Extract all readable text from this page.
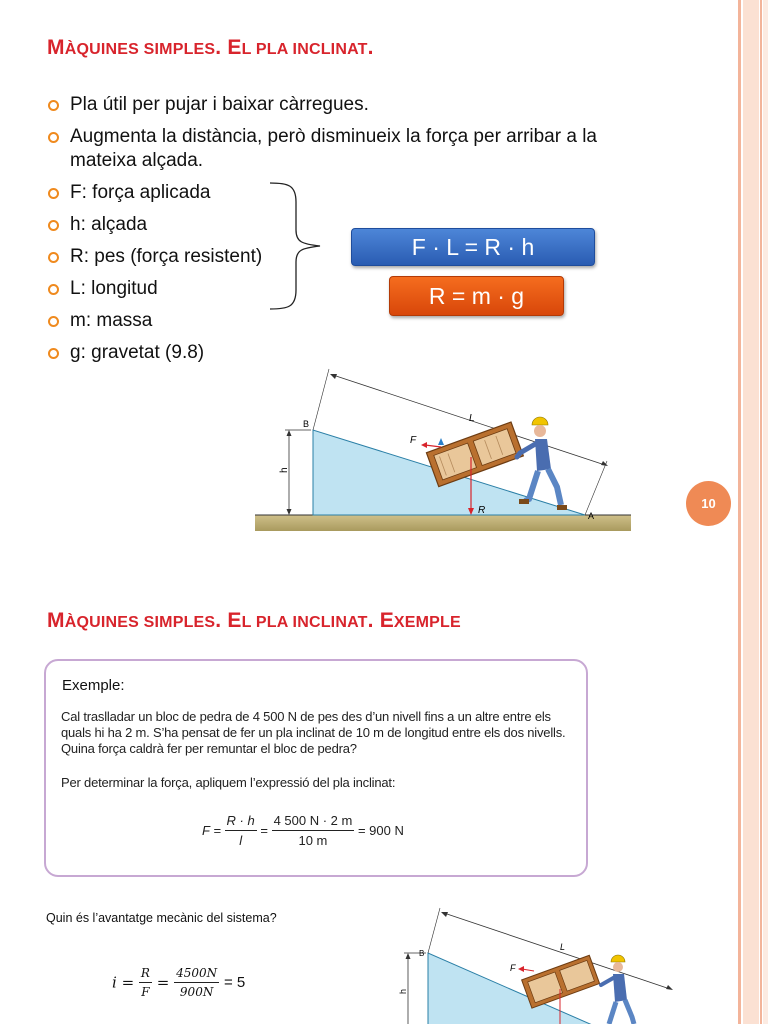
MÀQUINES SIMPLES. EL PLA INCLINAT.
Pla útil per pujar i baixar càrregues.
Augmenta la distància, però disminueix la força per arribar a la mateixa alçada.
F: força aplicada
h: alçada
R: pes (força resistent)
L: longitud
m: massa
g: gravetat (9.8)
F · L = R · h
R = m · g
h
L
B
A
F
R	10
MÀQUINES SIMPLES. EL PLA INCLINAT. EXEMPLE
Exemple:
Cal traslladar un bloc de pedra de 4 500 N de pes des d’un nivell fins a un altre entre els quals hi ha 2 m. S’ha pensat de fer un pla inclinat de 10 m de longitud entre els dos nivells. Quina força caldrà fer per remuntar el bloc de pedra?
Per determinar la força, apliquem l’expressió del pla inclinat:
$F = \frac{R \cdot h}{l} = \frac{4 500 N \cdot 2 m}{10 m} = 900$ N
Quin és l’avantatge mecànic del sistema?
$i = \frac{R}{F} = \frac{4500N}{900N} = 5$
h
L
B
F
